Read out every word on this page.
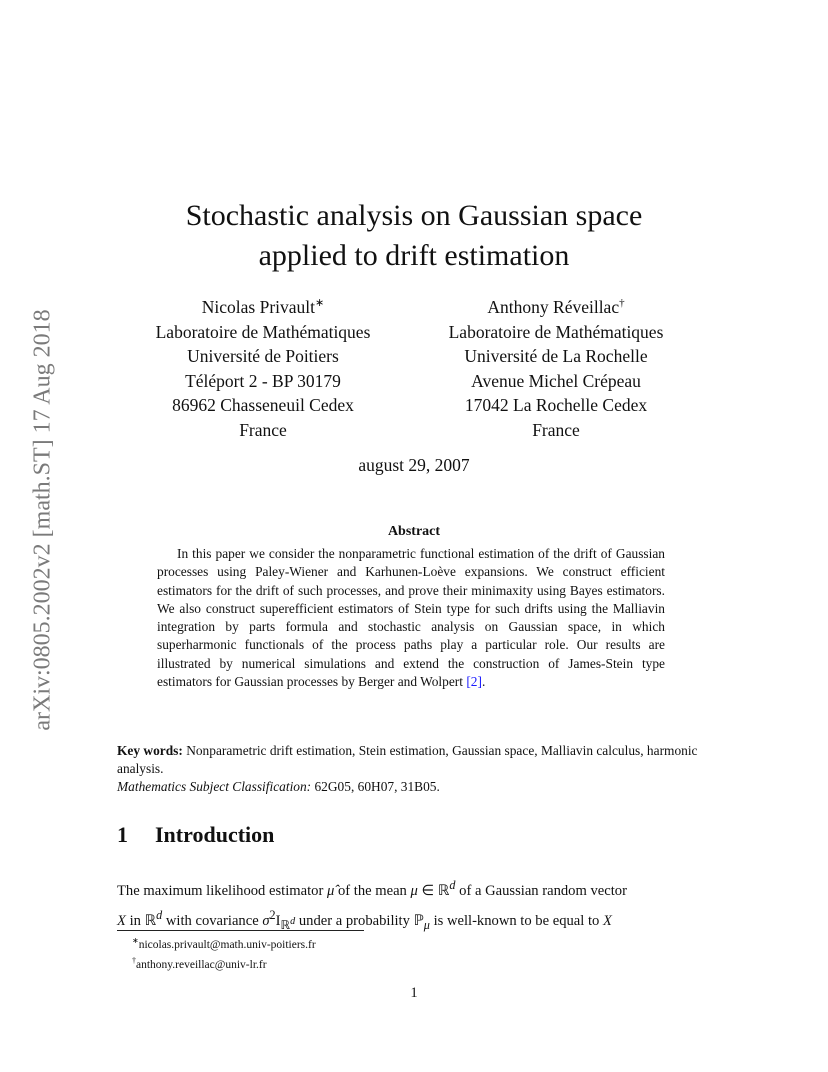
arXiv:0805.2002v2 [math.ST] 17 Aug 2018
Stochastic analysis on Gaussian space
applied to drift estimation
Nicolas Privault∗
Laboratoire de Mathématiques
Université de Poitiers
Téléport 2 - BP 30179
86962 Chasseneuil Cedex
France
Anthony Réveillac†
Laboratoire de Mathématiques
Université de La Rochelle
Avenue Michel Crépeau
17042 La Rochelle Cedex
France
august 29, 2007
Abstract

In this paper we consider the nonparametric functional estimation of the drift of Gaussian processes using Paley-Wiener and Karhunen-Loève expansions. We construct efficient estimators for the drift of such processes, and prove their minimaxity using Bayes estimators. We also construct superefficient estimators of Stein type for such drifts using the Malliavin integration by parts formula and stochastic analysis on Gaussian space, in which superharmonic functionals of the process paths play a particular role. Our results are illustrated by numerical simulations and extend the construction of James-Stein type estimators for Gaussian processes by Berger and Wolpert [2].

Key words: Nonparametric drift estimation, Stein estimation, Gaussian space, Malliavin calculus, harmonic analysis.

Mathematics Subject Classification: 62G05, 60H07, 31B05.

1 Introduction

The maximum likelihood estimator μ̂ of the mean μ ∈ ℝ$^d$ of a Gaussian random vector
X in ℝ$^d$ with covariance $\sigma^2I_{ℝ^d}$ under a probability ℙ$_\mu$ is well-known to be equal to X

∗nicolas.privault@math.univ-poitiers.fr
†anthony.reveillac@univ-lr.fr
1
